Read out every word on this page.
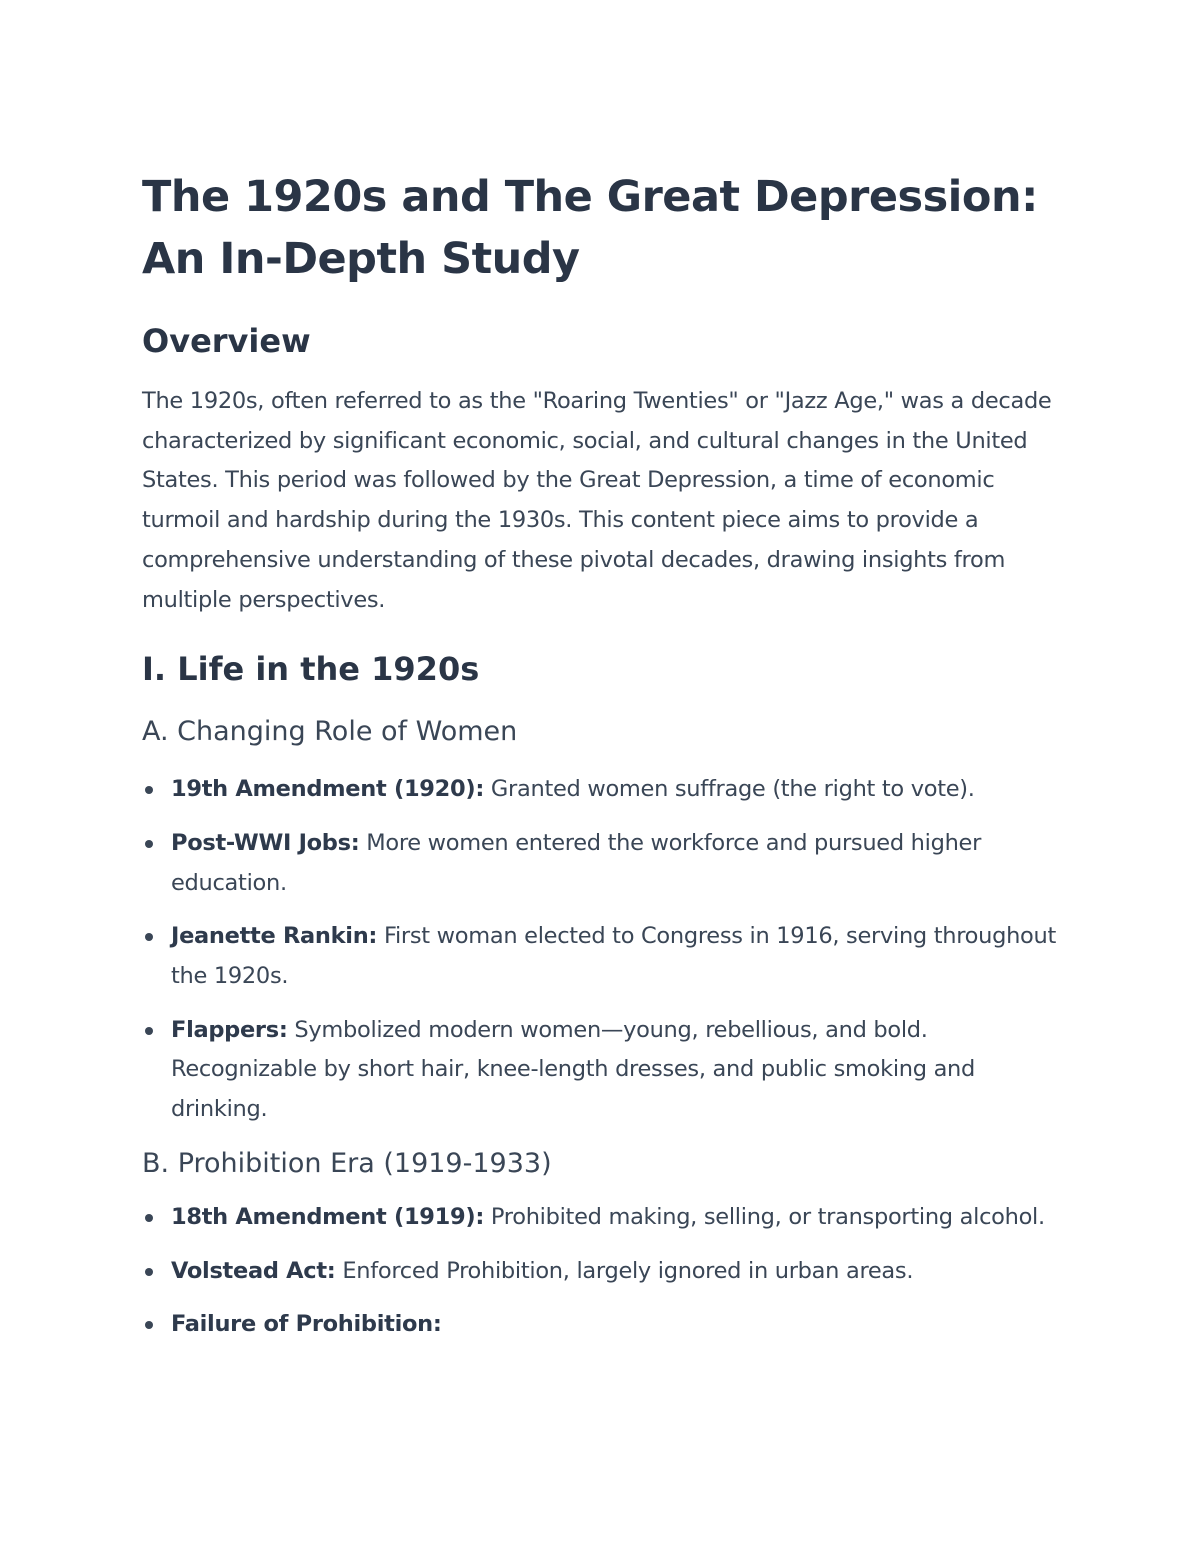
The 1920s and The Great Depression:
An In-Depth Study
Overview

The 1920s, often referred to as the "Roaring Twenties" or "Jazz Age," was a decade characterized by significant economic, social, and cultural changes in the United States. This period was followed by the Great Depression, a time of economic turmoil and hardship during the 1930s. This content piece aims to provide a comprehensive understanding of these pivotal decades, drawing insights from multiple perspectives.

I. Life in the 1920s
A. Changing Role of Women
19th Amendment (1920): Granted women suffrage (the right to vote).
Post-WWI Jobs: More women entered the workforce and pursued higher education.
Jeanette Rankin: First woman elected to Congress in 1916, serving throughout the 1920s.
Flappers: Symbolized modern women—young, rebellious, and bold. Recognizable by short hair, knee-length dresses, and public smoking and drinking.
B. Prohibition Era (1919-1933)
18th Amendment (1919): Prohibited making, selling, or transporting alcohol.
Volstead Act: Enforced Prohibition, largely ignored in urban areas.
Failure of Prohibition:
